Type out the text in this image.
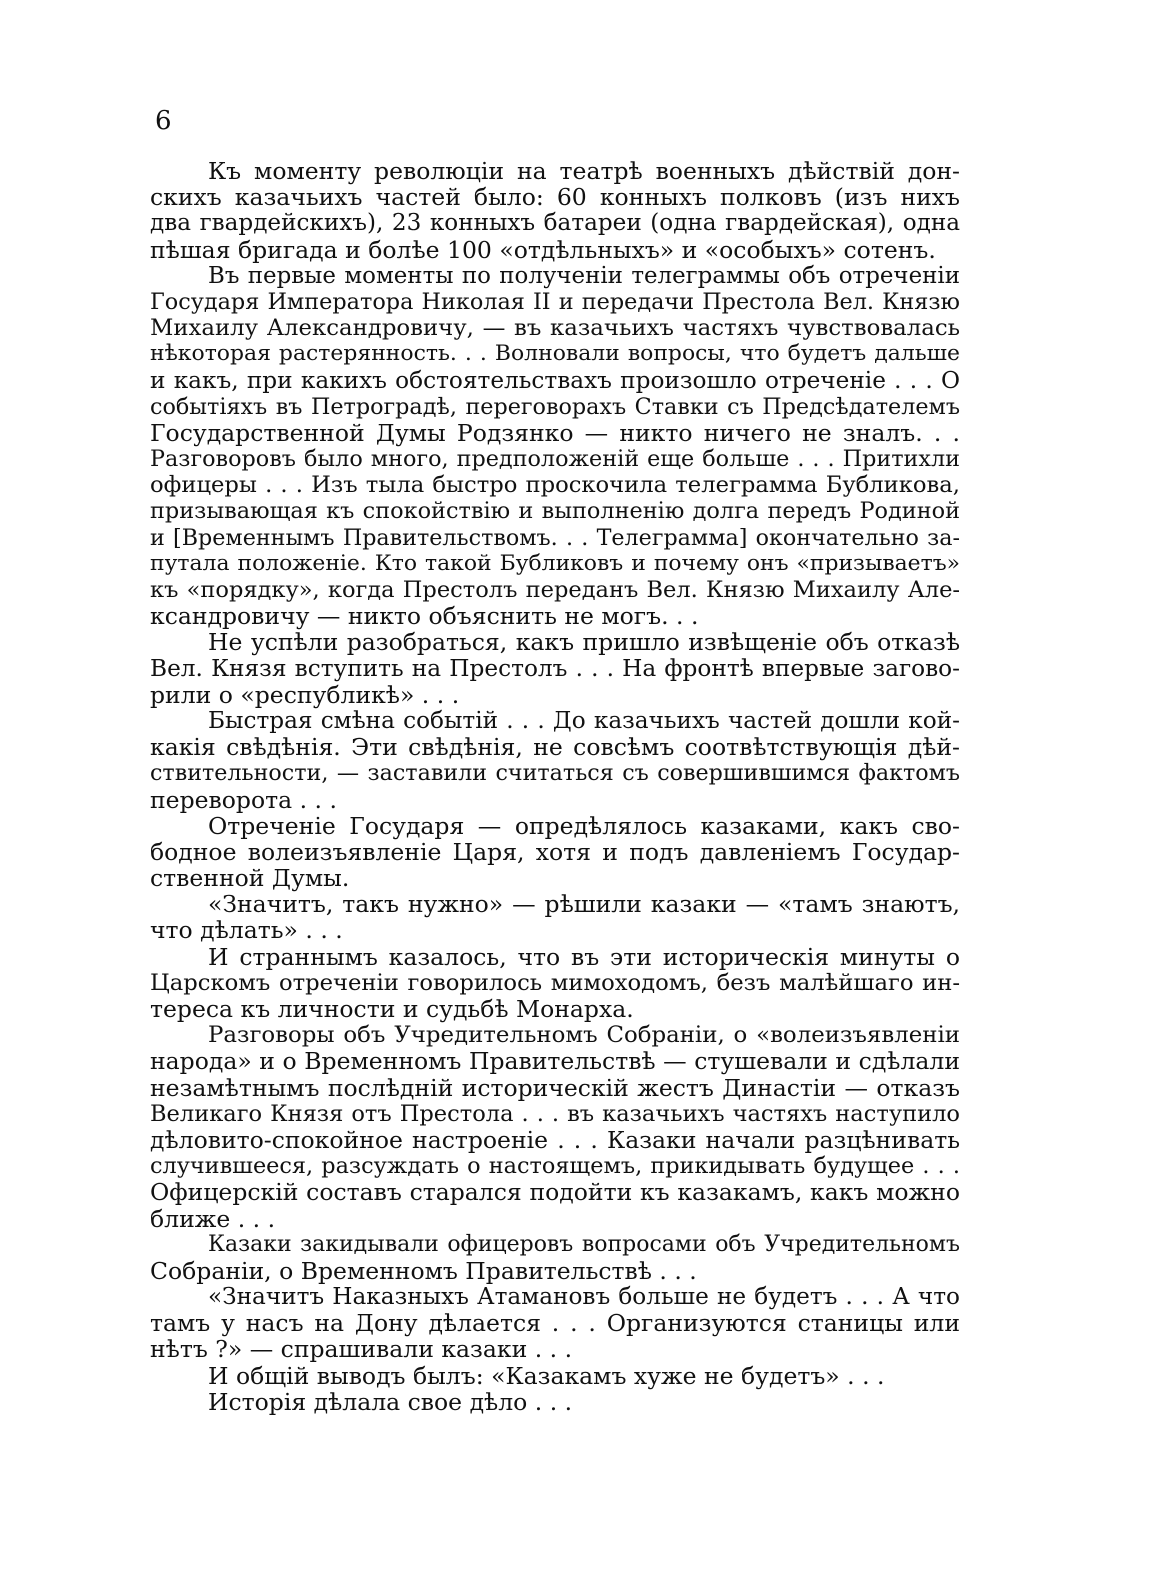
6
Къ моменту революціи на театрѣ военныхъ дѣйствій дон-
скихъ казачьихъ частей было: 60 конныхъ полковъ (изъ нихъ
два гвардейскихъ), 23 конныхъ батареи (одна гвардейская), одна
пѣшая бригада и болѣе 100 «отдѣльныхъ» и «особыхъ» сотенъ.
Въ первые моменты по полученіи телеграммы объ отреченіи
Государя Императора Николая II и передачи Престола Вел. Князю
Михаилу Александровичу, — въ казачьихъ частяхъ чувствовалась
нѣкоторая растерянность. . . Волновали вопросы, что будетъ дальше
и какъ, при какихъ обстоятельствахъ произошло отреченіе . . . О
событіяхъ въ Петроградѣ, переговорахъ Ставки съ Предсѣдателемъ
Государственной Думы Родзянко — никто ничего не зналъ. . .
Разговоровъ было много, предположеній еще больше . . . Притихли
офицеры . . . Изъ тыла быстро проскочила телеграмма Бубликова,
призывающая къ спокойствію и выполненію долга передъ Родиной
и [Временнымъ Правительствомъ. . . Телеграмма] окончательно за-
путала положеніе. Кто такой Бубликовъ и почему онъ «призываетъ»
къ «порядку», когда Престолъ переданъ Вел. Князю Михаилу Але-
ксандровичу — никто объяснить не могъ. . .
Не успѣли разобраться, какъ пришло извѣщеніе объ отказѣ
Вел. Князя вступить на Престолъ . . . На фронтѣ впервые загово-
рили о «республикѣ» . . .
Быстрая смѣна событій . . . До казачьихъ частей дошли кой-
какія свѣдѣнія. Эти свѣдѣнія, не совсѣмъ соотвѣтствующія дѣй-
ствительности, — заставили считаться съ совершившимся фактомъ
переворота . . .
Отреченіе Государя — опредѣлялось казаками, какъ сво-
бодное волеизъявленіе Царя, хотя и подъ давленіемъ Государ-
ственной Думы.
«Значитъ, такъ нужно» — рѣшили казаки — «тамъ знаютъ,
что дѣлать» . . .
И страннымъ казалось, что въ эти историческія минуты о
Царскомъ отреченіи говорилось мимоходомъ, безъ малѣйшаго ин-
тереса къ личности и судьбѣ Монарха.
Разговоры объ Учредительномъ Собраніи, о «волеизъявленіи
народа» и о Временномъ Правительствѣ — стушевали и сдѣлали
незамѣтнымъ послѣдній историческій жестъ Династіи — отказъ
Великаго Князя отъ Престола . . . въ казачьихъ частяхъ наступило
дѣловито-спокойное настроеніе . . . Казаки начали разцѣнивать
случившееся, разсуждать о настоящемъ, прикидывать будущее . . .
Офицерскій составъ старался подойти къ казакамъ, какъ можно
ближе . . .
Казаки закидывали офицеровъ вопросами объ Учредительномъ
Собраніи, о Временномъ Правительствѣ . . .
«Значитъ Наказныхъ Атамановъ больше не будетъ . . . А что
тамъ у насъ на Дону дѣлается . . . Организуются станицы или
нѣтъ ?» — спрашивали казаки . . .
И общій выводъ былъ: «Казакамъ хуже не будетъ» . . .
Исторія дѣлала свое дѣло . . .
